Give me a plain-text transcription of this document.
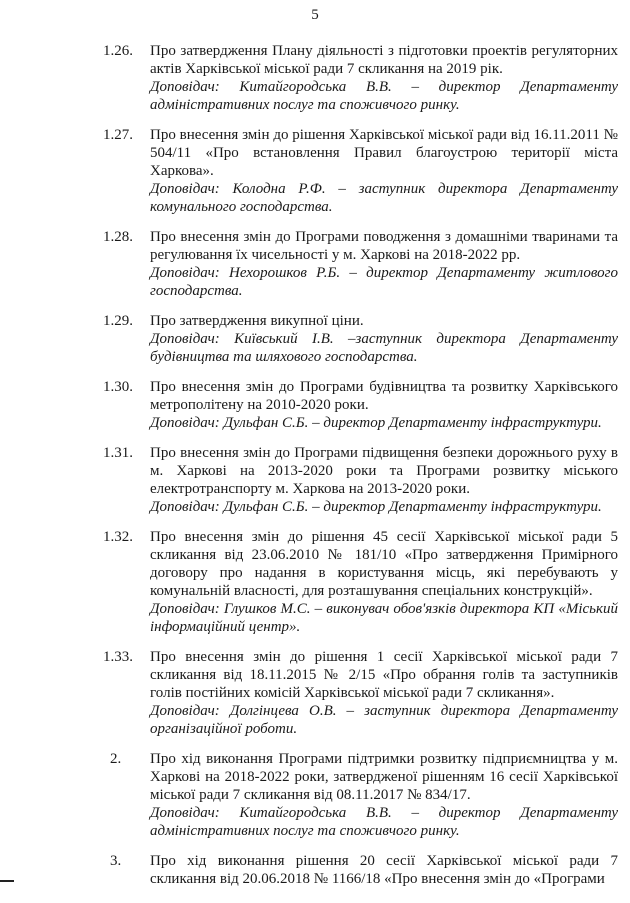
5
1.26. Про затвердження Плану діяльності з підготовки проектів регуляторних актів Харківської міської ради 7 скликання на 2019 рік.
Доповідач: Китайгородська В.В. – директор Департаменту адміністративних послуг та споживчого ринку.
1.27. Про внесення змін до рішення Харківської міської ради від 16.11.2011 № 504/11 «Про встановлення Правил благоустрою території міста Харкова».
Доповідач: Колодна Р.Ф. – заступник директора Департаменту комунального господарства.
1.28. Про внесення змін до Програми поводження з домашніми тваринами та регулювання їх чисельності у м. Харкові на 2018-2022 рр.
Доповідач: Нехорошков Р.Б. – директор Департаменту житлового господарства.
1.29. Про затвердження викупної ціни.
Доповідач: Київський І.В. –заступник директора Департаменту будівництва та шляхового господарства.
1.30. Про внесення змін до Програми будівництва та розвитку Харківського метрополітену на 2010-2020 роки.
Доповідач: Дульфан С.Б. – директор Департаменту інфраструктури.
1.31. Про внесення змін до Програми підвищення безпеки дорожнього руху в м. Харкові на 2013-2020 роки та Програми розвитку міського електротранспорту м. Харкова на 2013-2020 роки.
Доповідач: Дульфан С.Б. – директор Департаменту інфраструктури.
1.32. Про внесення змін до рішення 45 сесії Харківської міської ради 5 скликання від 23.06.2010 № 181/10 «Про затвердження Примірного договору про надання в користування місць, які перебувають у комунальній власності, для розташування спеціальних конструкцій».
Доповідач: Глушков М.С. – виконувач обов'язків директора КП «Міський інформаційний центр».
1.33. Про внесення змін до рішення 1 сесії Харківської міської ради 7 скликання від 18.11.2015 № 2/15 «Про обрання голів та заступників голів постійних комісій Харківської міської ради 7 скликання».
Доповідач: Долгінцева О.В. – заступник директора Департаменту організаційної роботи.
2. Про хід виконання Програми підтримки розвитку підприємництва у м. Харкові на 2018-2022 роки, затвердженої рішенням 16 сесії Харківської міської ради 7 скликання від 08.11.2017 № 834/17.
Доповідач: Китайгородська В.В. – директор Департаменту адміністративних послуг та споживчого ринку.
3. Про хід виконання рішення 20 сесії Харківської міської ради 7 скликання від 20.06.2018 № 1166/18 «Про внесення змін до «Програми
